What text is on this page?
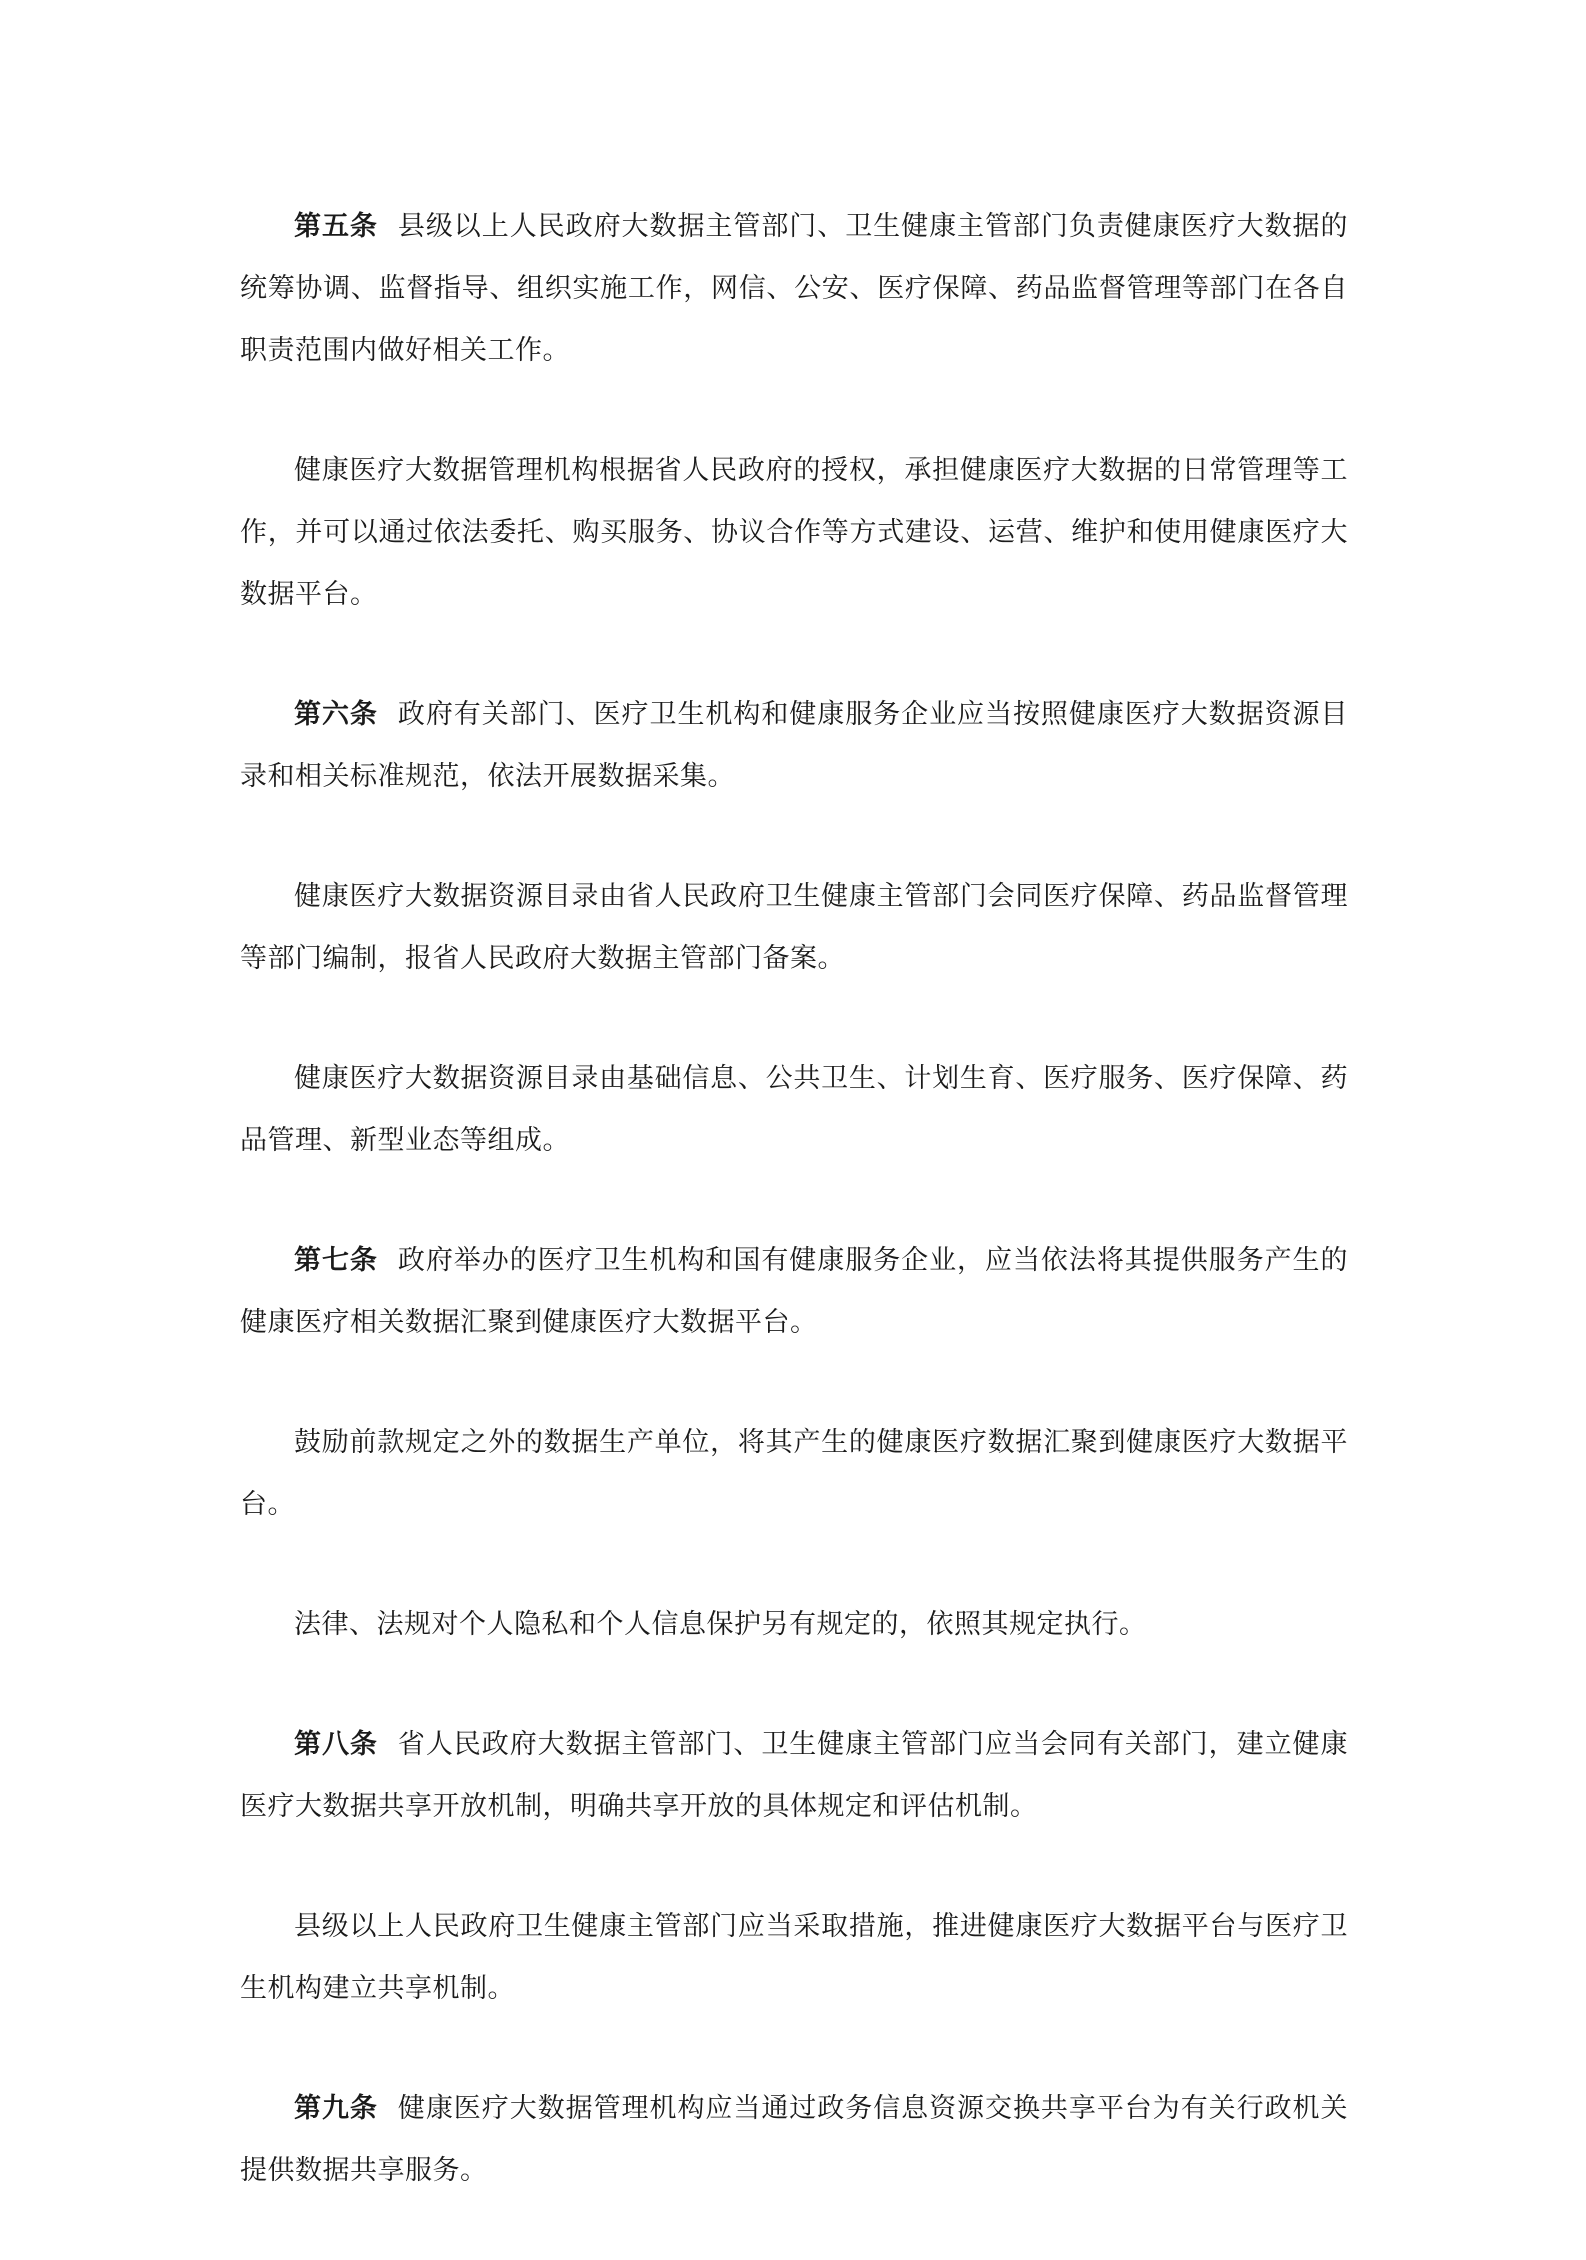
第五条 县级以上人民政府大数据主管部门、卫生健康主管部门负责健康医疗大数据的统筹协调、监督指导、组织实施工作，网信、公安、医疗保障、药品监督管理等部门在各自职责范围内做好相关工作。

健康医疗大数据管理机构根据省人民政府的授权，承担健康医疗大数据的日常管理等工作，并可以通过依法委托、购买服务、协议合作等方式建设、运营、维护和使用健康医疗大数据平台。

第六条 政府有关部门、医疗卫生机构和健康服务企业应当按照健康医疗大数据资源目录和相关标准规范，依法开展数据采集。

健康医疗大数据资源目录由省人民政府卫生健康主管部门会同医疗保障、药品监督管理等部门编制，报省人民政府大数据主管部门备案。

健康医疗大数据资源目录由基础信息、公共卫生、计划生育、医疗服务、医疗保障、药品管理、新型业态等组成。

第七条 政府举办的医疗卫生机构和国有健康服务企业，应当依法将其提供服务产生的健康医疗相关数据汇聚到健康医疗大数据平台。

鼓励前款规定之外的数据生产单位，将其产生的健康医疗数据汇聚到健康医疗大数据平台。

法律、法规对个人隐私和个人信息保护另有规定的，依照其规定执行。

第八条 省人民政府大数据主管部门、卫生健康主管部门应当会同有关部门，建立健康医疗大数据共享开放机制，明确共享开放的具体规定和评估机制。

县级以上人民政府卫生健康主管部门应当采取措施，推进健康医疗大数据平台与医疗卫生机构建立共享机制。

第九条 健康医疗大数据管理机构应当通过政务信息资源交换共享平台为有关行政机关提供数据共享服务。
